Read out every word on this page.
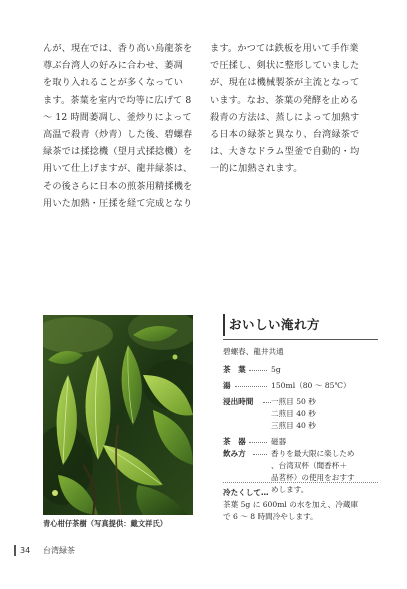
んが、現在では、香り高い烏龍茶を
尊ぶ台湾人の好みに合わせ、萎凋
を取り入れることが多くなってい
ます。茶葉を室内で均等に広げて 8
～ 12 時間萎凋し、釜炒りによって
高温で殺青（炒青）した後、碧螺春
緑茶では揉捻機（望月式揉捻機）を
用いて仕上げますが、龍井緑茶は、
その後さらに日本の煎茶用精揉機を
用いた加熱・圧揉を経て完成となり
ます。かつては鉄板を用いて手作業
で圧揉し、剣状に整形していました
が、現在は機械製茶が主流となって
います。なお、茶葉の発酵を止める
殺青の方法は、蒸しによって加熱す
る日本の緑茶と異なり、台湾緑茶で
は、大きなドラム型釜で自動的・均
一的に加熱されます。
青心柑仔茶樹（写真提供：戴文祥氏）
おいしい淹れ方
碧螺春、龍井共通
茶　葉	5g
湯	150ml（80 ～ 85℃）
浸出時間 一煎目 50 秒
二煎目 40 秒
三煎目 40 秒
茶　器	磁器
飲み方	香りを最大限に楽しため
、台湾双杯（聞香杯＋
品茗杯）の使用をおすす
めします。
冷たくして…
茶葉 5g に 600ml の水を加え、冷蔵庫
で 6 ～ 8 時間冷やします。
34 台湾緑茶
